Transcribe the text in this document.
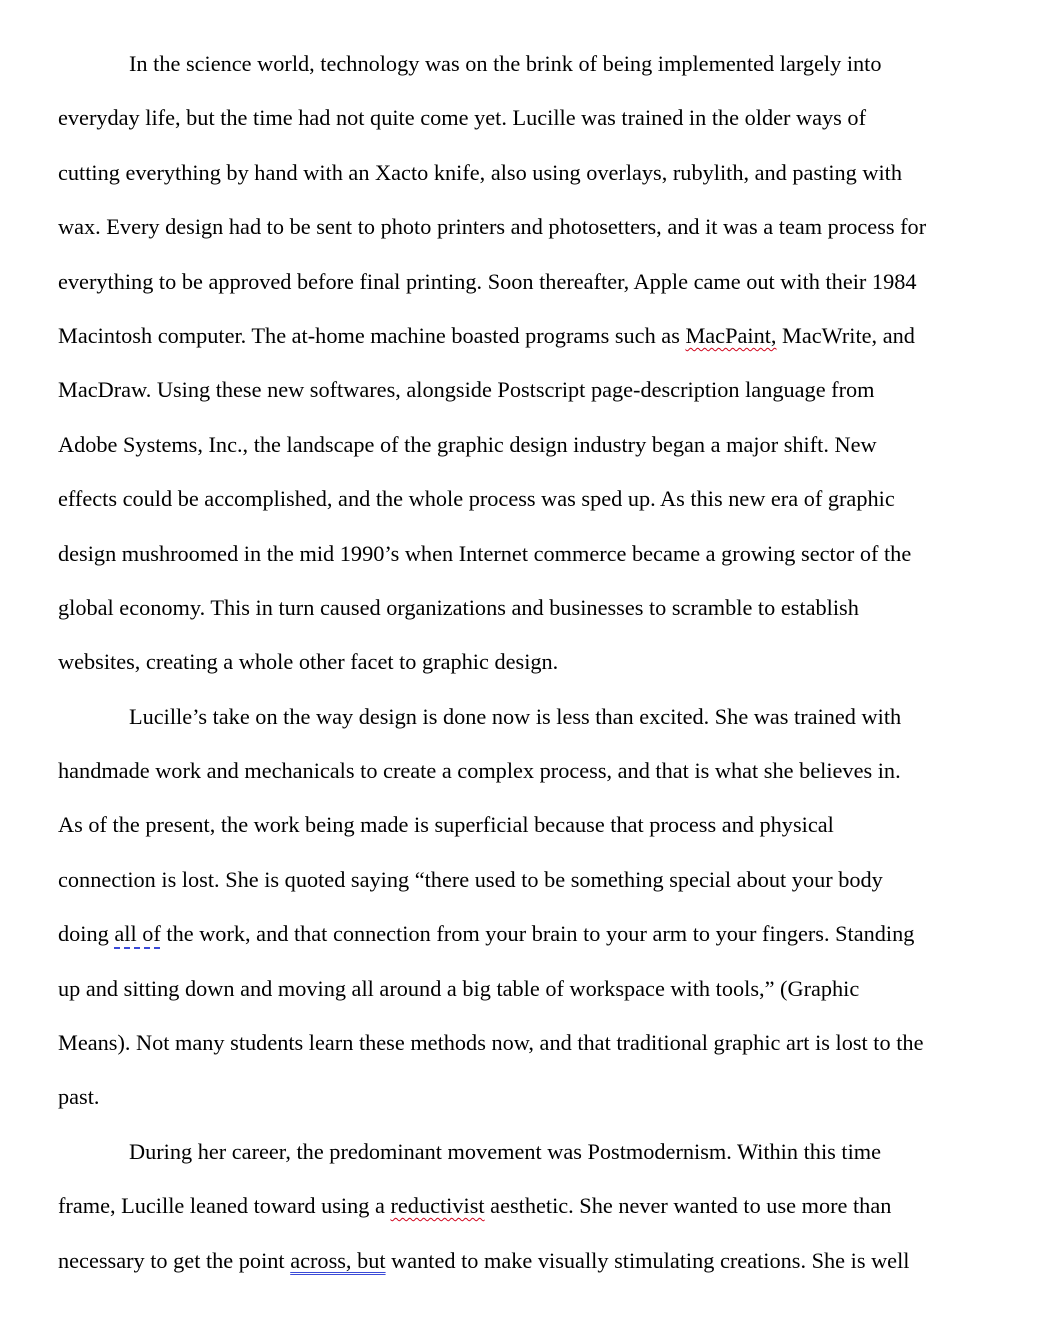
In the science world, technology was on the brink of being implemented largely into
everyday life, but the time had not quite come yet. Lucille was trained in the older ways of
cutting everything by hand with an Xacto knife, also using overlays, rubylith, and pasting with
wax. Every design had to be sent to photo printers and photosetters, and it was a team process for
everything to be approved before final printing. Soon thereafter, Apple came out with their 1984
Macintosh computer. The at-home machine boasted programs such as MacPaint, MacWrite, and
MacDraw. Using these new softwares, alongside Postscript page-description language from
Adobe Systems, Inc., the landscape of the graphic design industry began a major shift. New
effects could be accomplished, and the whole process was sped up. As this new era of graphic
design mushroomed in the mid 1990’s when Internet commerce became a growing sector of the
global economy. This in turn caused organizations and businesses to scramble to establish
websites, creating a whole other facet to graphic design.
Lucille’s take on the way design is done now is less than excited. She was trained with
handmade work and mechanicals to create a complex process, and that is what she believes in.
As of the present, the work being made is superficial because that process and physical
connection is lost. She is quoted saying “there used to be something special about your body
doing all of the work, and that connection from your brain to your arm to your fingers. Standing
up and sitting down and moving all around a big table of workspace with tools,” (Graphic
Means). Not many students learn these methods now, and that traditional graphic art is lost to the
past.
During her career, the predominant movement was Postmodernism. Within this time
frame, Lucille leaned toward using a reductivist aesthetic. She never wanted to use more than
necessary to get the point across, but wanted to make visually stimulating creations. She is well
